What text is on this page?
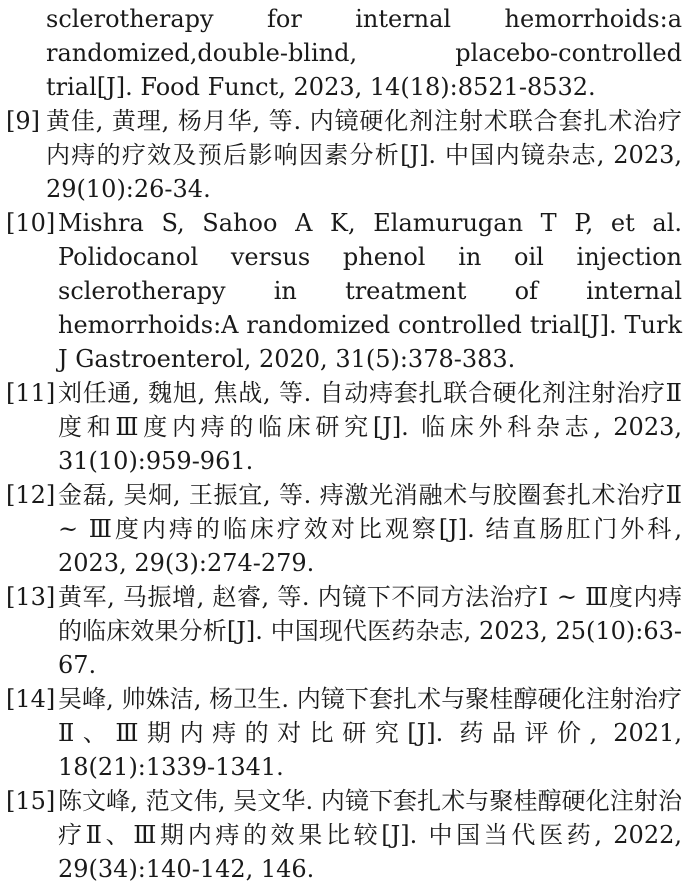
sclerotherapy for internal hemorrhoids:a randomized,double-blind, placebo-controlled trial[J]. Food Funct, 2023, 14(18):8521-8532.
[9] 黄佳, 黄理, 杨月华, 等. 内镜硬化剂注射术联合套扎术治疗内痔的疗效及预后影响因素分析[J]. 中国内镜杂志, 2023, 29(10):26-34.
[10] Mishra S, Sahoo A K, Elamurugan T P, et al. Polidocanol versus phenol in oil injection sclerotherapy in treatment of internal hemorrhoids:A randomized controlled trial[J]. Turk J Gastroenterol, 2020, 31(5):378-383.
[11] 刘任通, 魏旭, 焦战, 等. 自动痔套扎联合硬化剂注射治疗Ⅱ度和Ⅲ度内痔的临床研究[J]. 临床外科杂志, 2023, 31(10):959-961.
[12] 金磊, 吴炯, 王振宜, 等. 痔激光消融术与胶圈套扎术治疗Ⅱ ~ Ⅲ度内痔的临床疗效对比观察[J]. 结直肠肛门外科, 2023, 29(3):274-279.
[13] 黄军, 马振增, 赵睿, 等. 内镜下不同方法治疗Ⅰ ~ Ⅲ度内痔的临床效果分析[J]. 中国现代医药杂志, 2023, 25(10):63-67.
[14] 吴峰, 帅姝洁, 杨卫生. 内镜下套扎术与聚桂醇硬化注射治疗Ⅱ、Ⅲ期内痔的对比研究[J]. 药品评价, 2021, 18(21):1339-1341.
[15] 陈文峰, 范文伟, 吴文华. 内镜下套扎术与聚桂醇硬化注射治疗Ⅱ、Ⅲ期内痔的效果比较[J]. 中国当代医药, 2022, 29(34):140-142, 146.
